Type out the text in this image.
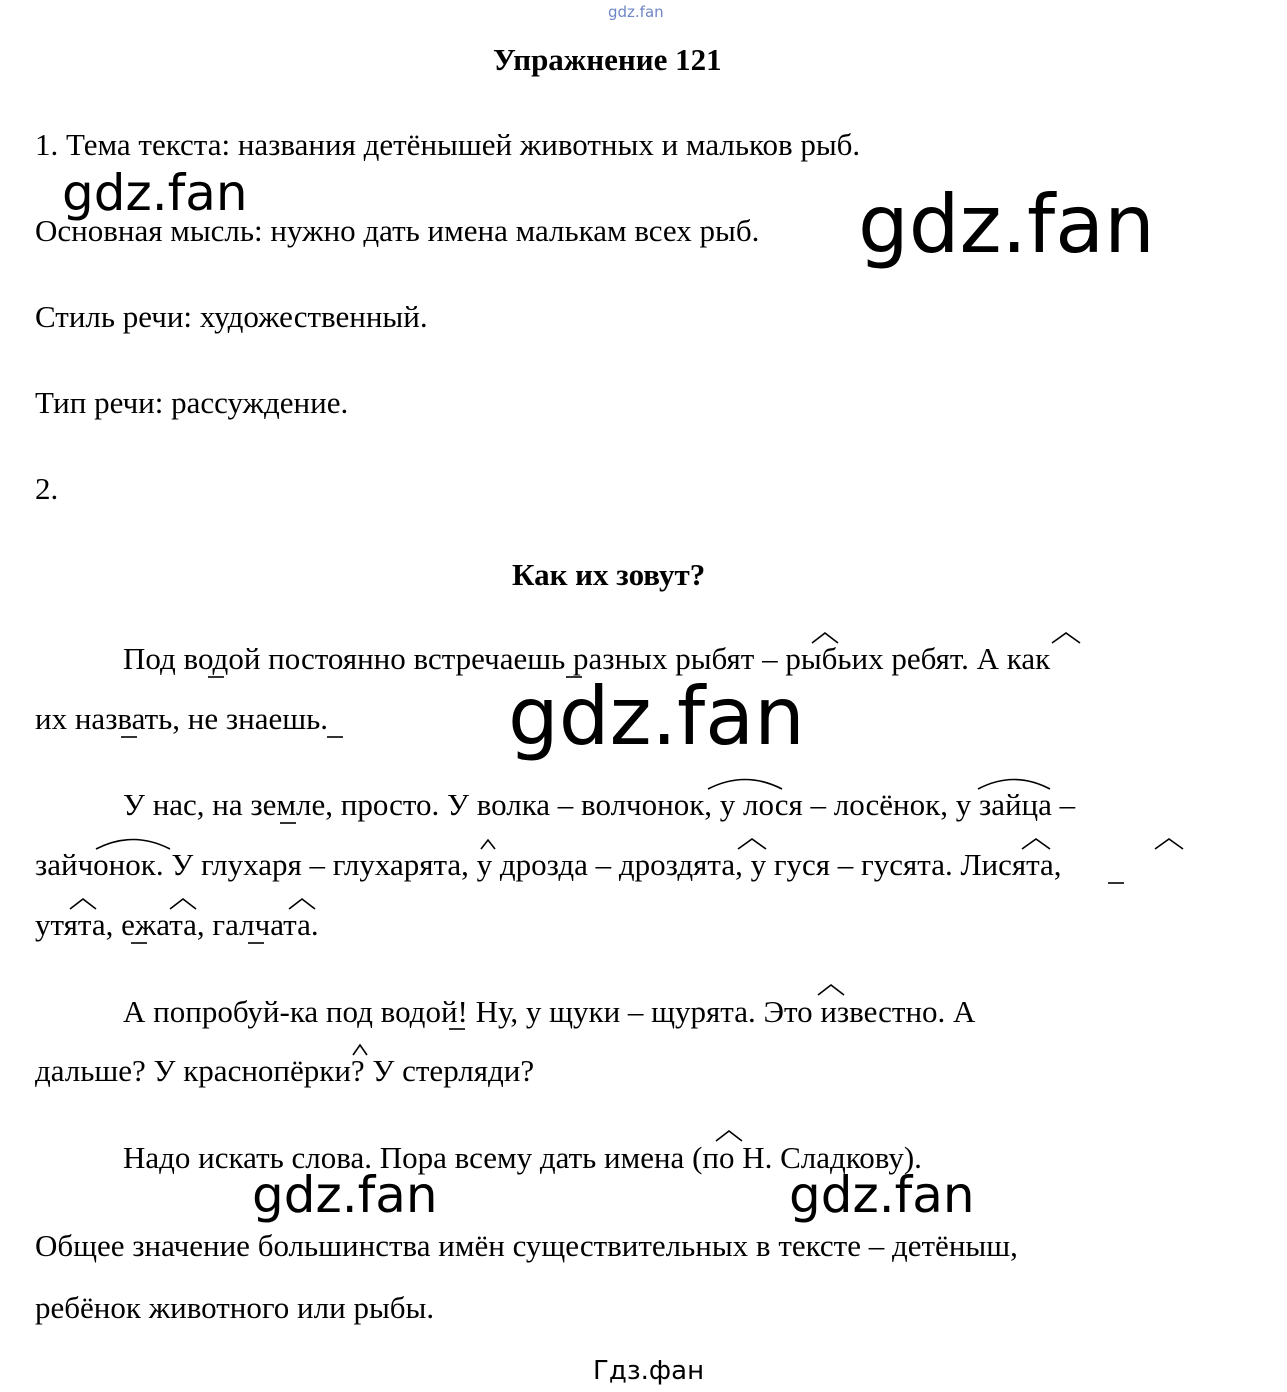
gdz.fan
Упражнение 121
1. Тема текста: названия детёнышей животных и мальков рыб.
Основная мысль: нужно дать имена малькам всех рыб.
Стиль речи: художественный.
Тип речи: рассуждение.
2.
Как их зовут?
Под водой постоянно встречаешь разных рыбят – рыбьих ребят. А как
их назвать, не знаешь.
У нас, на земле, просто. У волка – волчонок, у лося – лосёнок, у зайца –
зайчонок. У глухаря – глухарята, у дрозда – дроздята, у гуся – гусята. Лисята,
утята, ежата, галчата.
А попробуй-ка под водой! Ну, у щуки – щурята. Это известно. А
дальше? У краснопёрки? У стерляди?
Надо искать слова. Пора всему дать имена (по Н. Сладкову).
Общее значение большинства имён существительных в тексте – детёныш,
ребёнок животного или рыбы.
gdz.fan	gdz.fan
gdz.fan
gdz.fan	gdz.fan
Гдз.фан
